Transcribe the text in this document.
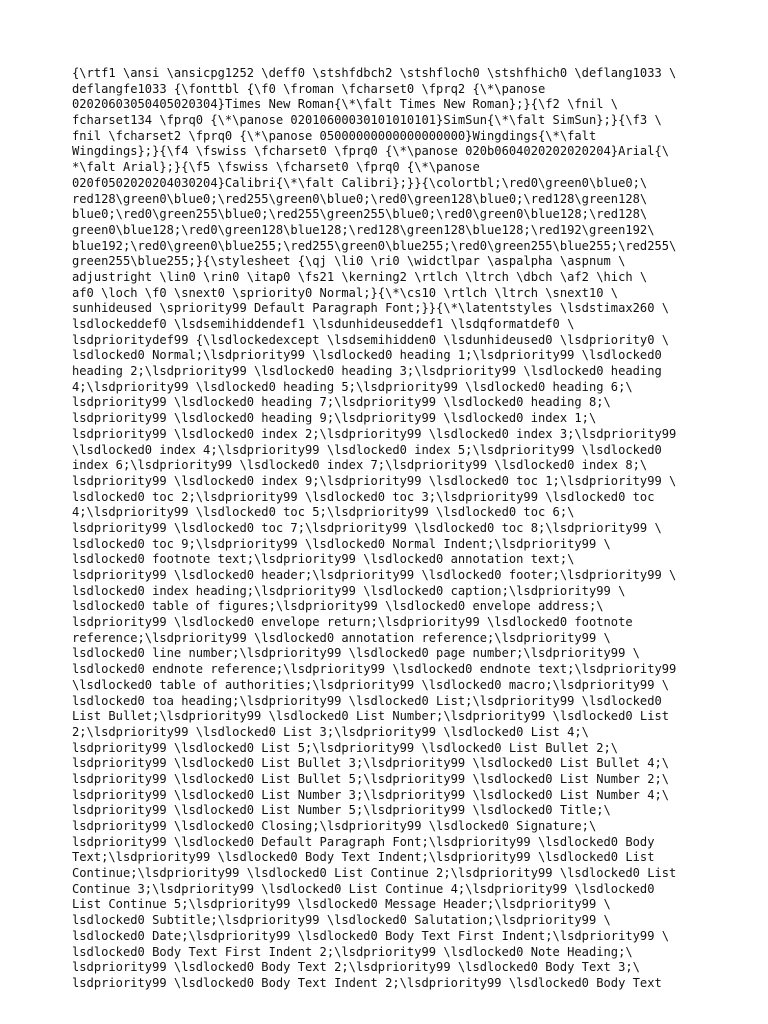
{\rtf1 \ansi \ansicpg1252 \deff0 \stshfdbch2 \stshfloch0 \stshfhich0 \deflang1033 \
deflangfe1033 {\fonttbl {\f0 \froman \fcharset0 \fprq2 {\*\panose
02020603050405020304}Times New Roman{\*\falt Times New Roman};}{\f2 \fnil \
fcharset134 \fprq0 {\*\panose 02010600030101010101}SimSun{\*\falt SimSun};}{\f3 \
fnil \fcharset2 \fprq0 {\*\panose 05000000000000000000}Wingdings{\*\falt
Wingdings};}{\f4 \fswiss \fcharset0 \fprq0 {\*\panose 020b0604020202020204}Arial{\
*\falt Arial};}{\f5 \fswiss \fcharset0 \fprq0 {\*\panose
020f0502020204030204}Calibri{\*\falt Calibri};}}{\colortbl;\red0\green0\blue0;\
red128\green0\blue0;\red255\green0\blue0;\red0\green128\blue0;\red128\green128\
blue0;\red0\green255\blue0;\red255\green255\blue0;\red0\green0\blue128;\red128\
green0\blue128;\red0\green128\blue128;\red128\green128\blue128;\red192\green192\
blue192;\red0\green0\blue255;\red255\green0\blue255;\red0\green255\blue255;\red255\
green255\blue255;}{\stylesheet {\qj \li0 \ri0 \widctlpar \aspalpha \aspnum \
adjustright \lin0 \rin0 \itap0 \fs21 \kerning2 \rtlch \ltrch \dbch \af2 \hich \
af0 \loch \f0 \snext0 \spriority0 Normal;}{\*\cs10 \rtlch \ltrch \snext10 \
sunhideused \spriority99 Default Paragraph Font;}}{\*\latentstyles \lsdstimax260 \
lsdlockeddef0 \lsdsemihiddendef1 \lsdunhideuseddef1 \lsdqformatdef0 \
lsdprioritydef99 {\lsdlockedexcept \lsdsemihidden0 \lsdunhideused0 \lsdpriority0 \
lsdlocked0 Normal;\lsdpriority99 \lsdlocked0 heading 1;\lsdpriority99 \lsdlocked0
heading 2;\lsdpriority99 \lsdlocked0 heading 3;\lsdpriority99 \lsdlocked0 heading
4;\lsdpriority99 \lsdlocked0 heading 5;\lsdpriority99 \lsdlocked0 heading 6;\
lsdpriority99 \lsdlocked0 heading 7;\lsdpriority99 \lsdlocked0 heading 8;\
lsdpriority99 \lsdlocked0 heading 9;\lsdpriority99 \lsdlocked0 index 1;\
lsdpriority99 \lsdlocked0 index 2;\lsdpriority99 \lsdlocked0 index 3;\lsdpriority99
\lsdlocked0 index 4;\lsdpriority99 \lsdlocked0 index 5;\lsdpriority99 \lsdlocked0
index 6;\lsdpriority99 \lsdlocked0 index 7;\lsdpriority99 \lsdlocked0 index 8;\
lsdpriority99 \lsdlocked0 index 9;\lsdpriority99 \lsdlocked0 toc 1;\lsdpriority99 \
lsdlocked0 toc 2;\lsdpriority99 \lsdlocked0 toc 3;\lsdpriority99 \lsdlocked0 toc
4;\lsdpriority99 \lsdlocked0 toc 5;\lsdpriority99 \lsdlocked0 toc 6;\
lsdpriority99 \lsdlocked0 toc 7;\lsdpriority99 \lsdlocked0 toc 8;\lsdpriority99 \
lsdlocked0 toc 9;\lsdpriority99 \lsdlocked0 Normal Indent;\lsdpriority99 \
lsdlocked0 footnote text;\lsdpriority99 \lsdlocked0 annotation text;\
lsdpriority99 \lsdlocked0 header;\lsdpriority99 \lsdlocked0 footer;\lsdpriority99 \
lsdlocked0 index heading;\lsdpriority99 \lsdlocked0 caption;\lsdpriority99 \
lsdlocked0 table of figures;\lsdpriority99 \lsdlocked0 envelope address;\
lsdpriority99 \lsdlocked0 envelope return;\lsdpriority99 \lsdlocked0 footnote
reference;\lsdpriority99 \lsdlocked0 annotation reference;\lsdpriority99 \
lsdlocked0 line number;\lsdpriority99 \lsdlocked0 page number;\lsdpriority99 \
lsdlocked0 endnote reference;\lsdpriority99 \lsdlocked0 endnote text;\lsdpriority99
\lsdlocked0 table of authorities;\lsdpriority99 \lsdlocked0 macro;\lsdpriority99 \
lsdlocked0 toa heading;\lsdpriority99 \lsdlocked0 List;\lsdpriority99 \lsdlocked0
List Bullet;\lsdpriority99 \lsdlocked0 List Number;\lsdpriority99 \lsdlocked0 List
2;\lsdpriority99 \lsdlocked0 List 3;\lsdpriority99 \lsdlocked0 List 4;\
lsdpriority99 \lsdlocked0 List 5;\lsdpriority99 \lsdlocked0 List Bullet 2;\
lsdpriority99 \lsdlocked0 List Bullet 3;\lsdpriority99 \lsdlocked0 List Bullet 4;\
lsdpriority99 \lsdlocked0 List Bullet 5;\lsdpriority99 \lsdlocked0 List Number 2;\
lsdpriority99 \lsdlocked0 List Number 3;\lsdpriority99 \lsdlocked0 List Number 4;\
lsdpriority99 \lsdlocked0 List Number 5;\lsdpriority99 \lsdlocked0 Title;\
lsdpriority99 \lsdlocked0 Closing;\lsdpriority99 \lsdlocked0 Signature;\
lsdpriority99 \lsdlocked0 Default Paragraph Font;\lsdpriority99 \lsdlocked0 Body
Text;\lsdpriority99 \lsdlocked0 Body Text Indent;\lsdpriority99 \lsdlocked0 List
Continue;\lsdpriority99 \lsdlocked0 List Continue 2;\lsdpriority99 \lsdlocked0 List
Continue 3;\lsdpriority99 \lsdlocked0 List Continue 4;\lsdpriority99 \lsdlocked0
List Continue 5;\lsdpriority99 \lsdlocked0 Message Header;\lsdpriority99 \
lsdlocked0 Subtitle;\lsdpriority99 \lsdlocked0 Salutation;\lsdpriority99 \
lsdlocked0 Date;\lsdpriority99 \lsdlocked0 Body Text First Indent;\lsdpriority99 \
lsdlocked0 Body Text First Indent 2;\lsdpriority99 \lsdlocked0 Note Heading;\
lsdpriority99 \lsdlocked0 Body Text 2;\lsdpriority99 \lsdlocked0 Body Text 3;\
lsdpriority99 \lsdlocked0 Body Text Indent 2;\lsdpriority99 \lsdlocked0 Body Text
